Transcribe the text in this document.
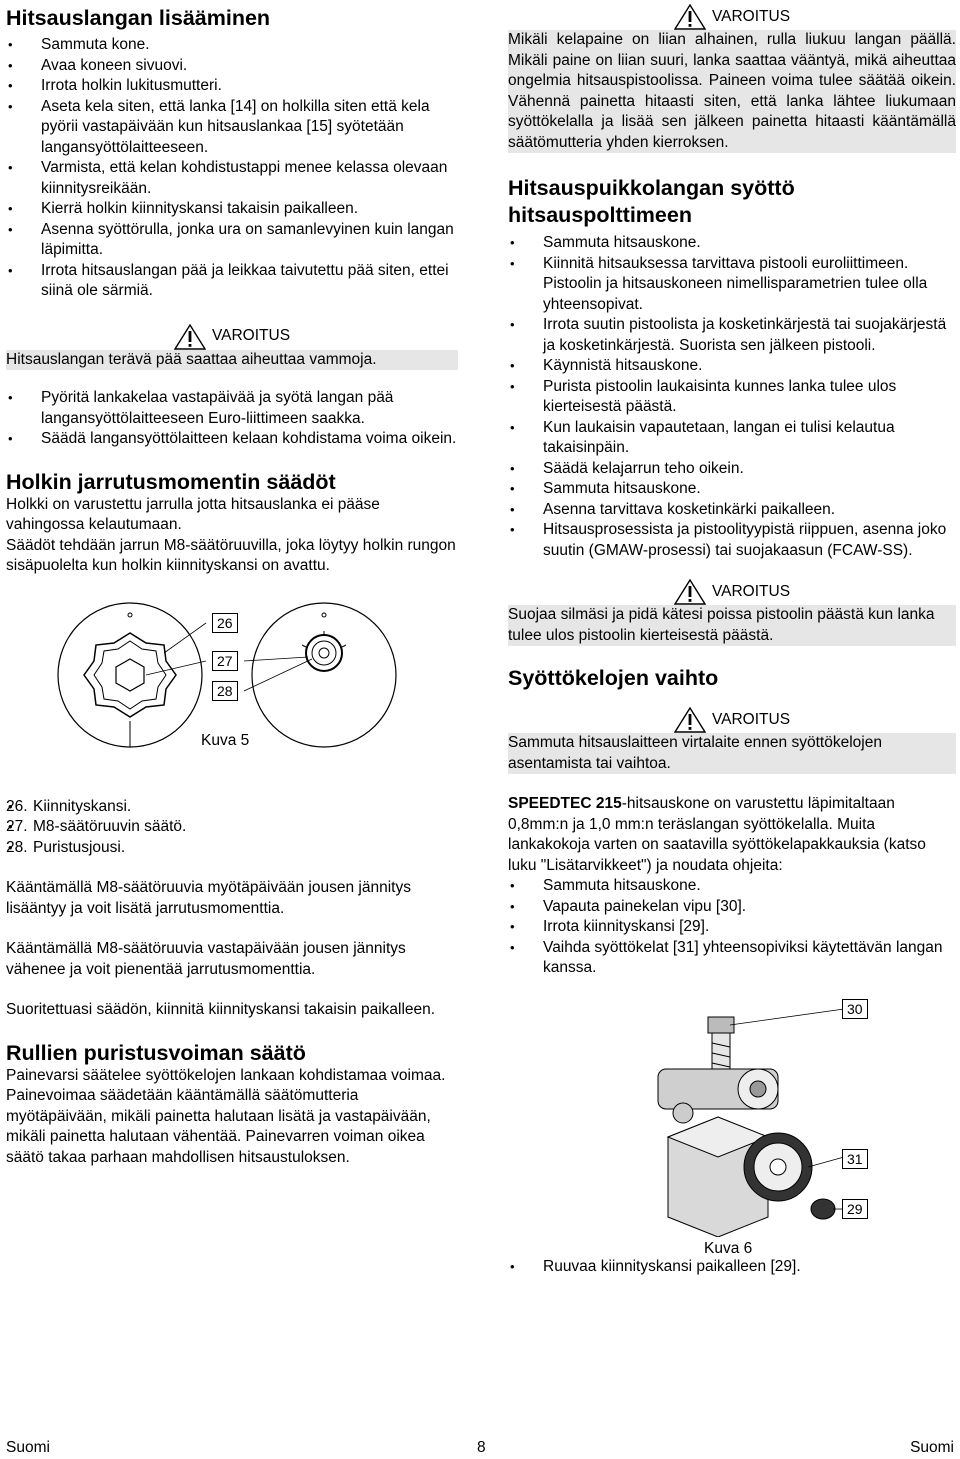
Hitsauslangan lisääminen
• Sammuta kone.
• Avaa koneen sivuovi.
• Irrota holkin lukitusmutteri.
• Aseta kela siten, että lanka [14] on holkilla siten että kela pyörii vastapäivään kun hitsauslankaa [15] syötetään langansyöttölaitteeseen.
• Varmista, että kelan kohdistustappi menee kelassa olevaan kiinnitysreikään.
• Kierrä holkin kiinnityskansi takaisin paikalleen.
• Asenna syöttörulla, jonka ura on samanlevyinen kuin langan läpimitta.
• Irrota hitsauslangan pää ja leikkaa taivutettu pää siten, ettei siinä ole särmiä.
VAROITUS

Hitsauslangan terävä pää saattaa aiheuttaa vammoja.

• Pyöritä lankakelaa vastapäivää ja syötä langan pää langansyöttölaitteeseen Euro-liittimeen saakka.
• Säädä langansyöttölaitteen kelaan kohdistama voima oikein.
Holkin jarrutusmomentin säädöt

Holkki on varustettu jarrulla jotta hitsauslanka ei pääse vahingossa kelautumaan.

Säädöt tehdään jarrun M8-säätöruuvilla, joka löytyy holkin rungon sisäpuolelta kun holkin kiinnityskansi on avattu.

26
27
28
Kuva 5
• 26. Kiinnityskansi.
• 27. M8-säätöruuvin säätö.
• 28. Puristusjousi.

Kääntämällä M8-säätöruuvia myötäpäivään jousen jännitys lisääntyy ja voit lisätä jarrutusmomenttia.

Kääntämällä M8-säätöruuvia vastapäivään jousen jännitys vähenee ja voit pienentää jarrutusmomenttia.

Suoritettuasi säädön, kiinnitä kiinnityskansi takaisin paikalleen.

Rullien puristusvoiman säätö

Painevarsi säätelee syöttökelojen lankaan kohdistamaa voimaa.

Painevoimaa säädetään kääntämällä säätömutteria myötäpäivään, mikäli painetta halutaan lisätä ja vastapäivään, mikäli painetta halutaan vähentää. Painevarren voiman oikea säätö takaa parhaan mahdollisen hitsaustuloksen.

VAROITUS

Mikäli kelapaine on liian alhainen, rulla liukuu langan päällä. Mikäli paine on liian suuri, lanka saattaa vääntyä, mikä aiheuttaa ongelmia hitsauspistoolissa. Paineen voima tulee säätää oikein. Vähennä painetta hitaasti siten, että lanka lähtee liukumaan syöttökelalla ja lisää sen jälkeen painetta hitaasti kääntämällä säätömutteria yhden kierroksen.

Hitsauspuikkolangan syöttö hitsauspolttimeen
• Sammuta hitsauskone.
• Kiinnitä hitsauksessa tarvittava pistooli euroliittimeen. Pistoolin ja hitsauskoneen nimellisparametrien tulee olla yhteensopivat.
• Irrota suutin pistoolista ja kosketinkärjestä tai suojakärjestä ja kosketinkärjestä. Suorista sen jälkeen pistooli.
• Käynnistä hitsauskone.
• Purista pistoolin laukaisinta kunnes lanka tulee ulos kierteisestä päästä.
• Kun laukaisin vapautetaan, langan ei tulisi kelautua takaisinpäin.
• Säädä kelajarrun teho oikein.
• Sammuta hitsauskone.
• Asenna tarvittava kosketinkärki paikalleen.
• Hitsausprosessista ja pistoolityypistä riippuen, asenna joko suutin (GMAW-prosessi) tai suojakaasun (FCAW-SS).
VAROITUS

Suojaa silmäsi ja pidä kätesi poissa pistoolin päästä kun lanka tulee ulos pistoolin kierteisestä päästä.

Syöttökelojen vaihto
VAROITUS

Sammuta hitsauslaitteen virtalaite ennen syöttökelojen asentamista tai vaihtoa.

SPEEDTEC 215-hitsauskone on varustettu läpimitaltaan 0,8mm:n ja 1,0 mm:n teräslangan syöttökelalla. Muita lankakokoja varten on saatavilla syöttökelapakkauksia (katso luku "Lisätarvikkeet") ja noudata ohjeita:

• Sammuta hitsauskone.
• Vapauta painekelan vipu [30].
• Irrota kiinnityskansi [29].
• Vaihda syöttökelat [31] yhteensopiviksi käytettävän langan kanssa.
30
31
29
Kuva 6
• Ruuvaa kiinnityskansi paikalleen [29].
Suomi	8	Suomi
